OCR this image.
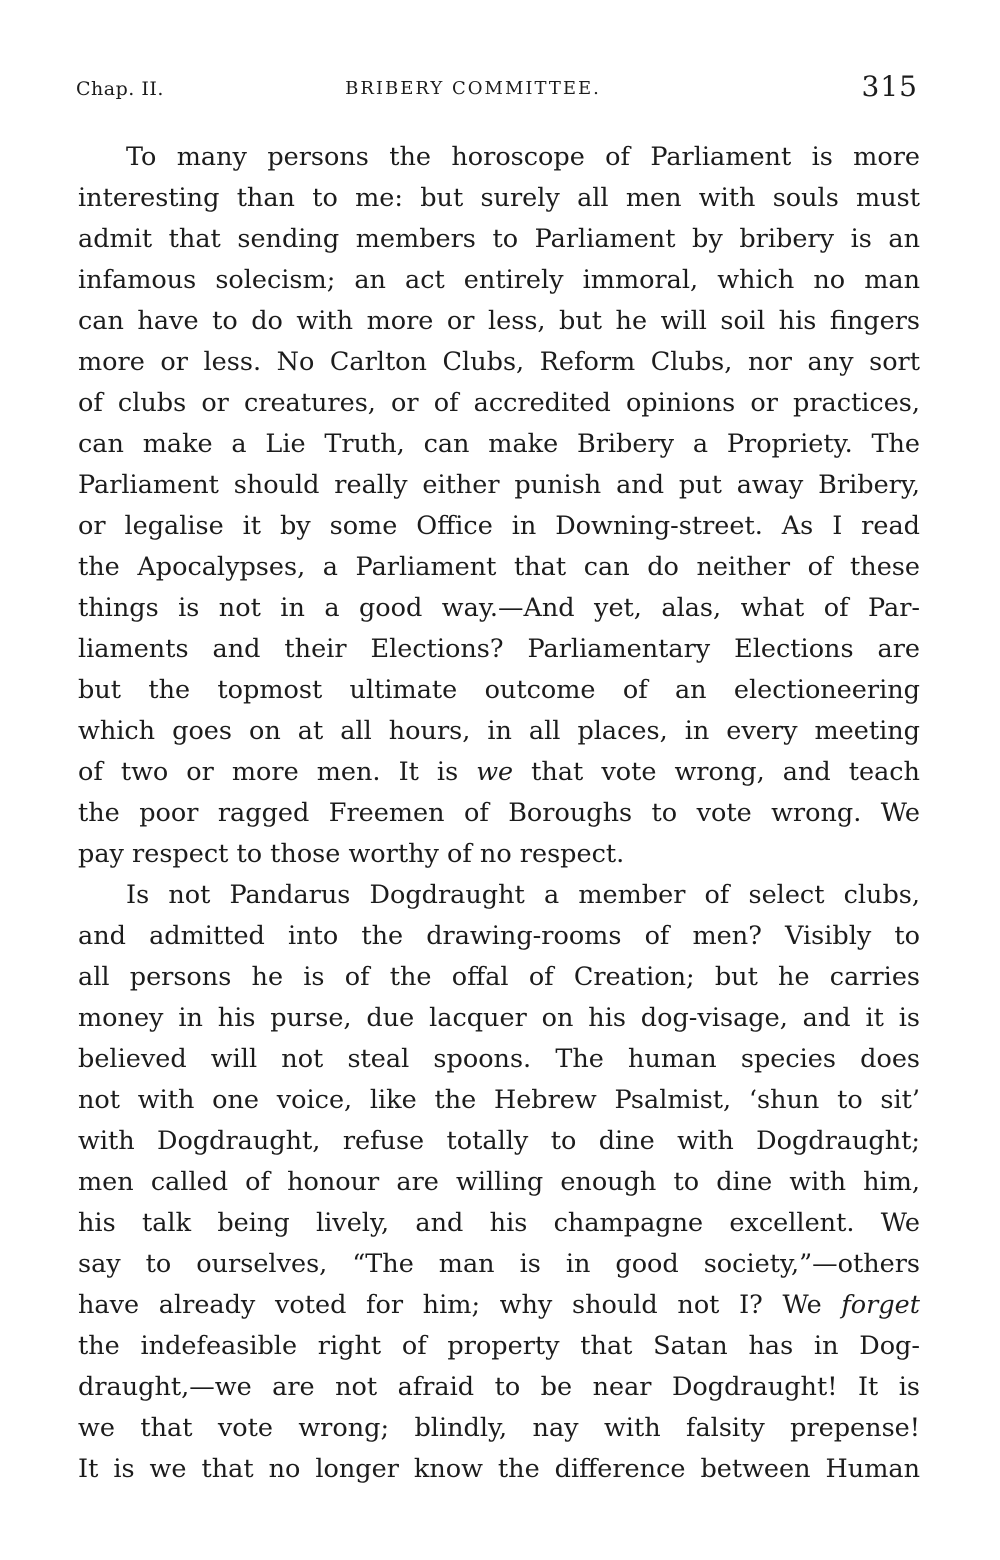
Chap. II.	BRIBERY COMMITTEE.	315
To many persons the horoscope of Parliament is more
interesting than to me: but surely all men with souls must
admit that sending members to Parliament by bribery is an
infamous solecism; an act entirely immoral, which no man
can have to do with more or less, but he will soil his fingers
more or less. No Carlton Clubs, Reform Clubs, nor any sort
of clubs or creatures, or of accredited opinions or practices,
can make a Lie Truth, can make Bribery a Propriety. The
Parliament should really either punish and put away Bribery,
or legalise it by some Office in Downing-street. As I read
the Apocalypses, a Parliament that can do neither of these
things is not in a good way.—And yet, alas, what of Par-
liaments and their Elections? Parliamentary Elections are
but the topmost ultimate outcome of an electioneering
which goes on at all hours, in all places, in every meeting
of two or more men. It is we that vote wrong, and teach
the poor ragged Freemen of Boroughs to vote wrong. We
pay respect to those worthy of no respect.
Is not Pandarus Dogdraught a member of select clubs,
and admitted into the drawing-rooms of men? Visibly to
all persons he is of the offal of Creation; but he carries
money in his purse, due lacquer on his dog-visage, and it is
believed will not steal spoons. The human species does
not with one voice, like the Hebrew Psalmist, ‘shun to sit’
with Dogdraught, refuse totally to dine with Dogdraught;
men called of honour are willing enough to dine with him,
his talk being lively, and his champagne excellent. We
say to ourselves, “The man is in good society,”—others
have already voted for him; why should not I? We forget
the indefeasible right of property that Satan has in Dog-
draught,—we are not afraid to be near Dogdraught! It is
we that vote wrong; blindly, nay with falsity prepense!
It is we that no longer know the difference between Human
